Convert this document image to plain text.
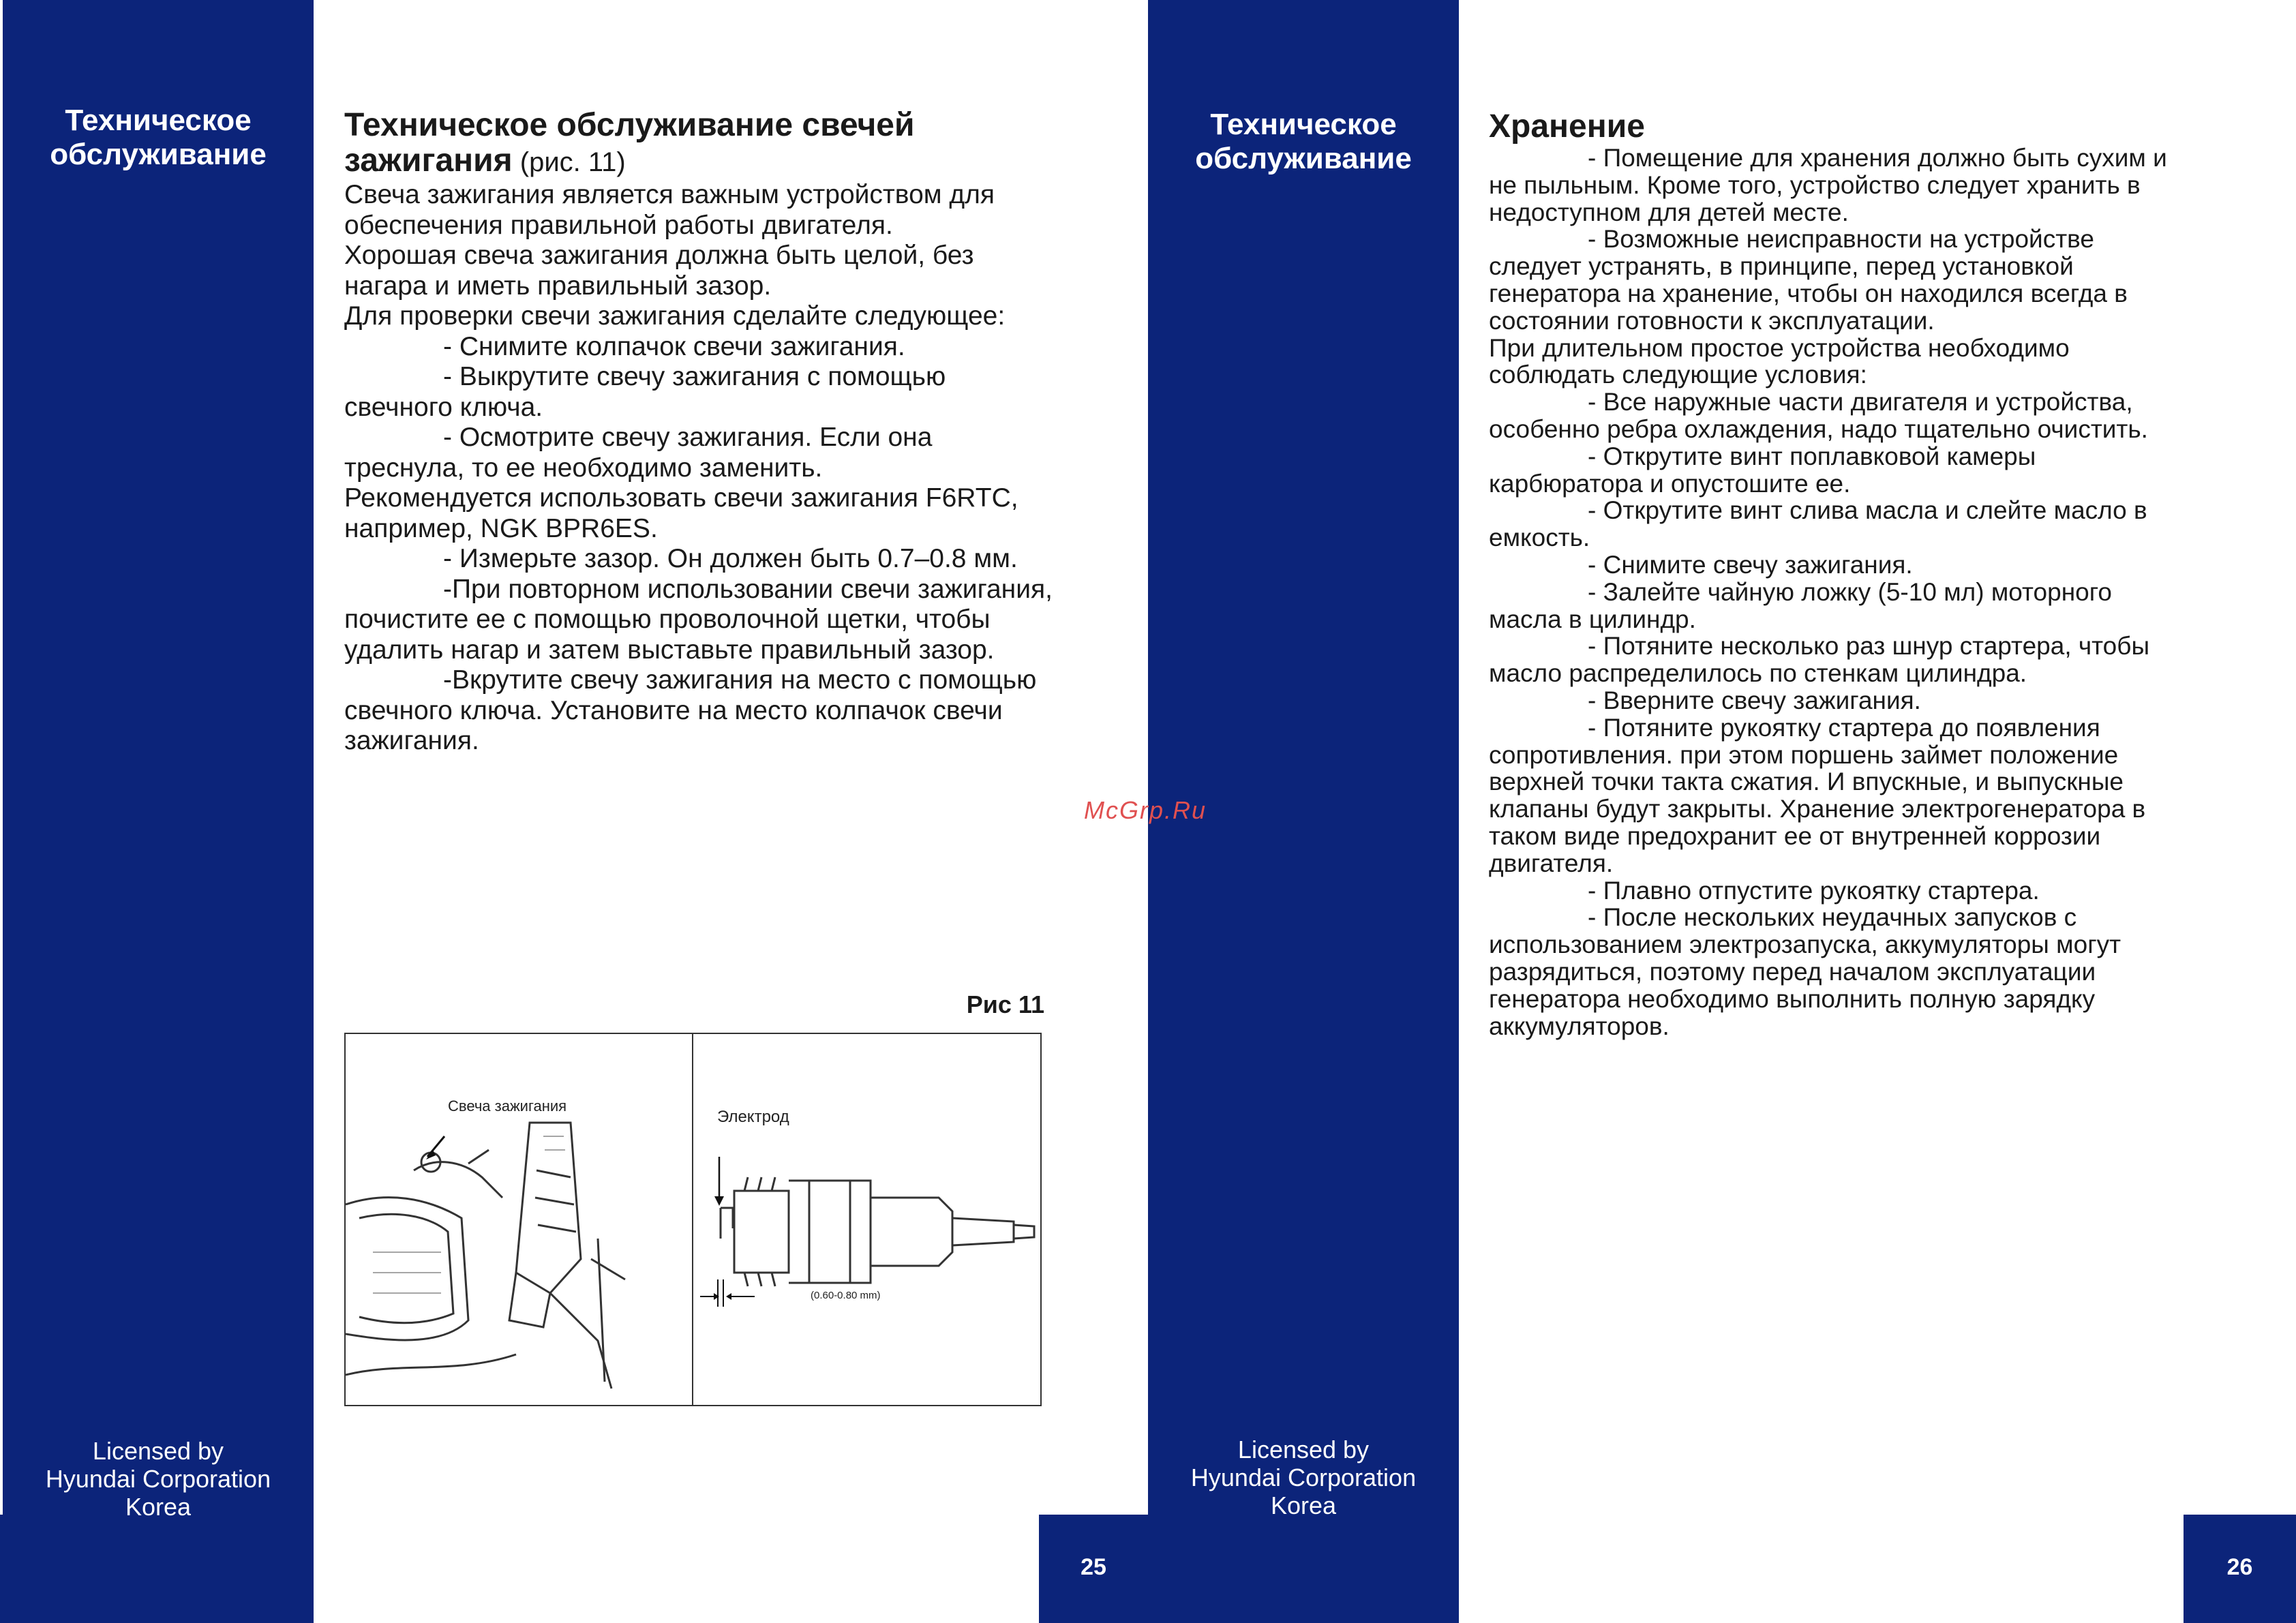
Техническое
обслуживание
Licensed by
Hyundai Corporation
Korea
25

Техническое обслуживание свечей
зажигания (рис. 11)

Свеча зажигания является важным устройством для обеспечения правильной работы двигателя.

Хорошая свеча зажигания должна быть целой, без нагара и иметь правильный зазор.

Для проверки свечи зажигания сделайте следующее:

- Снимите колпачок свечи зажигания.

- Выкрутите свечу зажигания с помощью свечного ключа.

- Осмотрите свечу зажигания. Если она треснула, то ее необходимо заменить.

Рекомендуется использовать свечи зажигания F6RTC, например, NGK BPR6ES.

- Измерьте зазор. Он должен быть 0.7–0.8 мм.

-При повторном использовании свечи зажигания, почистите ее с помощью проволочной щетки, чтобы удалить нагар и затем выставьте правильный зазор.

-Вкрутите свечу зажигания на место с помощью свечного ключа. Установите на место колпачок свечи зажигания.

Рис 11
Свеча зажигания
Электрод
(0.60-0.80 mm)
Техническое
обслуживание
Licensed by
Hyundai Corporation
Korea
26

Хранение

- Помещение для хранения должно быть сухим и не пыльным. Кроме того, устройство следует хранить в недоступном для детей месте.

- Возможные неисправности на устройстве следует устранять, в принципе, перед установкой генератора на хранение, чтобы он находился всегда в состоянии готовности к эксплуатации.

При длительном простое устройства необходимо соблюдать следующие условия:

- Все наружные части двигателя и устройства, особенно ребра охлаждения, надо тщательно очистить.

- Открутите винт поплавковой камеры карбюратора и опустошите ее.

- Открутите винт слива масла и слейте масло в емкость.

- Снимите свечу зажигания.

- Залейте чайную ложку (5-10 мл) моторного масла в цилиндр.

- Потяните несколько раз шнур стартера, чтобы масло распределилось по стенкам цилиндра.

- Вверните свечу зажигания.

- Потяните рукоятку стартера до появления сопротивления. при этом поршень займет положение верхней точки такта сжатия. И впускные, и выпускные клапаны будут закрыты. Хранение электрогенератора в таком виде предохранит ее от внутренней коррозии двигателя.

- Плавно отпустите рукоятку стартера.

- После нескольких неудачных запусков с использованием электрозапуска, аккумуляторы могут разрядиться, поэтому перед началом эксплуатации генератора необходимо выполнить полную зарядку аккумуляторов.

McGrp.Ru
